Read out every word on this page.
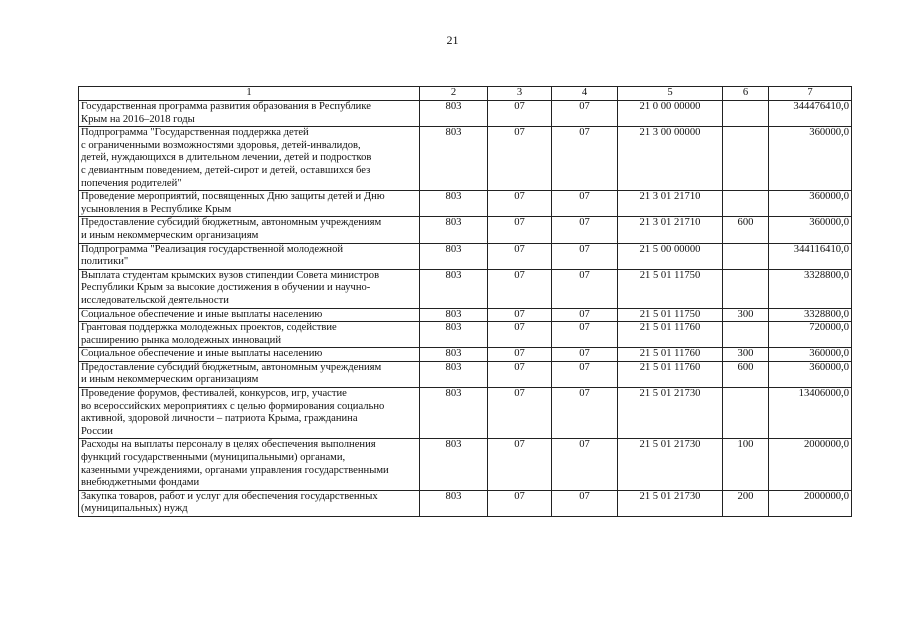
21
1	2	3	4	5	6	7

Государственная программа развития образования в Республике
Крым на 2016–2018 годы	803	07	07	21 0 00 00000		344476410,0

Подпрограмма "Государственная поддержка детей
с ограниченными возможностями здоровья, детей-инвалидов,
детей, нуждающихся в длительном лечении, детей и подростков
с девиантным поведением, детей-сирот и детей, оставшихся без
попечения родителей"	803	07	07	21 3 00 00000		360000,0

Проведение мероприятий, посвященных Дню защиты детей и Дню
усыновления в Республике Крым	803	07	07	21 3 01 21710		360000,0

Предоставление субсидий бюджетным, автономным учреждениям
и иным некоммерческим организациям	803	07	07	21 3 01 21710	600	360000,0

Подпрограмма "Реализация государственной молодежной
политики"	803	07	07	21 5 00 00000		344116410,0

Выплата студентам крымских вузов стипендии Совета министров
Республики Крым за высокие достижения в обучении и научно-
исследовательской деятельности	803	07	07	21 5 01 11750		3328800,0

Социальное обеспечение и иные выплаты населению	803	07	07	21 5 01 11750	300	3328800,0

Грантовая поддержка молодежных проектов, содействие
расширению рынка молодежных инноваций	803	07	07	21 5 01 11760		720000,0

Социальное обеспечение и иные выплаты населению	803	07	07	21 5 01 11760	300	360000,0

Предоставление субсидий бюджетным, автономным учреждениям
и иным некоммерческим организациям	803	07	07	21 5 01 11760	600	360000,0

Проведение форумов, фестивалей, конкурсов, игр, участие
во всероссийских мероприятиях с целью формирования социально
активной, здоровой личности – патриота Крыма, гражданина
России	803	07	07	21 5 01 21730		13406000,0

Расходы на выплаты персоналу в целях обеспечения выполнения
функций государственными (муниципальными) органами,
казенными учреждениями, органами управления государственными
внебюджетными фондами	803	07	07	21 5 01 21730	100	2000000,0

Закупка товаров, работ и услуг для обеспечения государственных
(муниципальных) нужд	803	07	07	21 5 01 21730	200	2000000,0
